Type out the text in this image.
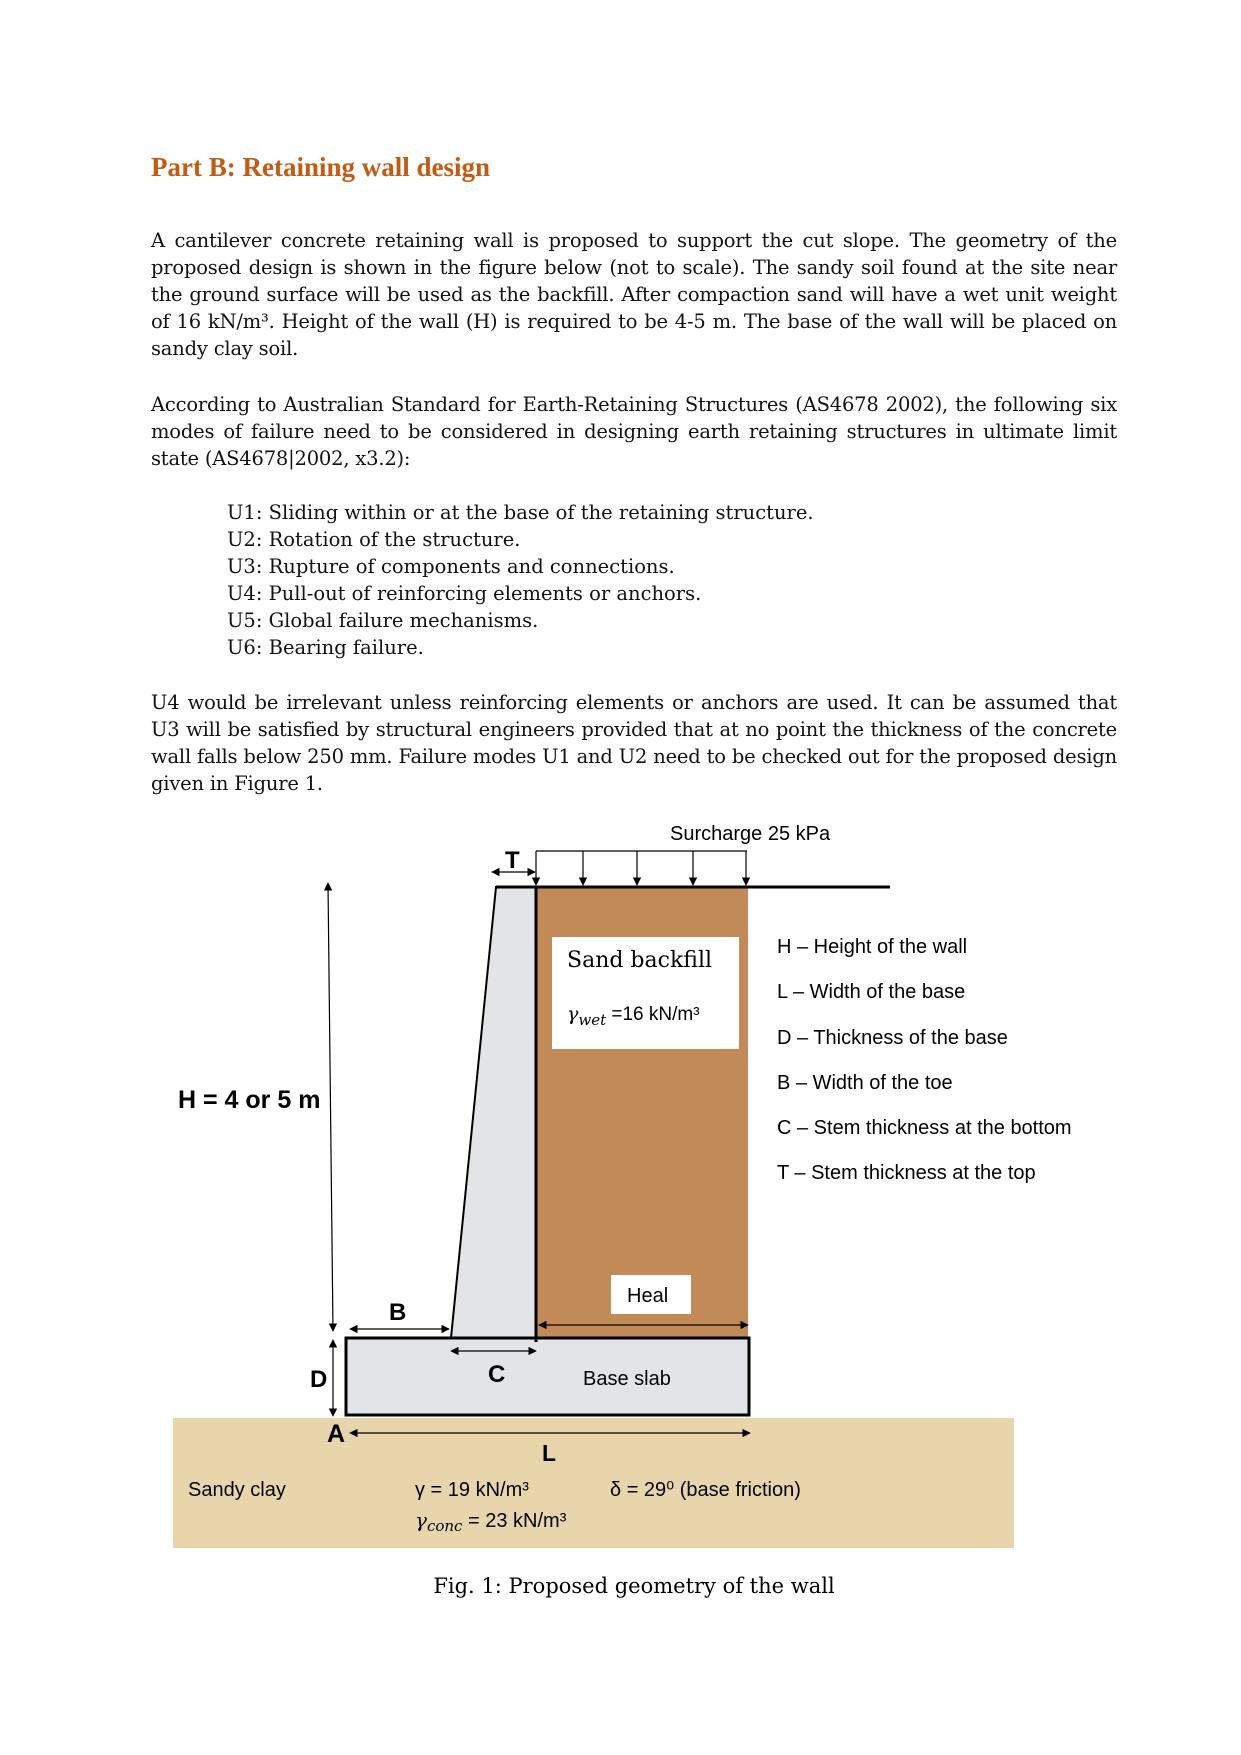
Part B: Retaining wall design

A cantilever concrete retaining wall is proposed to support the cut slope. The geometry of the proposed design is shown in the figure below (not to scale). The sandy soil found at the site near the ground surface will be used as the backfill. After compaction sand will have a wet unit weight of 16 kN/m³. Height of the wall (H) is required to be 4-5 m. The base of the wall will be placed on sandy clay soil.

According to Australian Standard for Earth-Retaining Structures (AS4678 2002), the following six modes of failure need to be considered in designing earth retaining structures in ultimate limit state (AS4678|2002, x3.2):

U1: Sliding within or at the base of the retaining structure.
U2: Rotation of the structure.
U3: Rupture of components and connections.
U4: Pull-out of reinforcing elements or anchors.
U5: Global failure mechanisms.
U6: Bearing failure.

U4 would be irrelevant unless reinforcing elements or anchors are used. It can be assumed that U3 will be satisfied by structural engineers provided that at no point the thickness of the concrete wall falls below 250 mm. Failure modes U1 and U2 need to be checked out for the proposed design given in Figure 1.

Surcharge 25 kPa
T
Sand backfill
$\gamma_{wet} =16$ kN/m³
H = 4 or 5 m
D
A
L
B
C
Heal
Base slab
Sandy clay	γ = 19 kN/m³
$\gamma_{conc} = 23$ kN/m³
δ = 29⁰ (base friction)
H – Height of the wall
L – Width of the base
D – Thickness of the base
B – Width of the toe
C – Stem thickness at the bottom
T – Stem thickness at the top
Fig. 1: Proposed geometry of the wall
